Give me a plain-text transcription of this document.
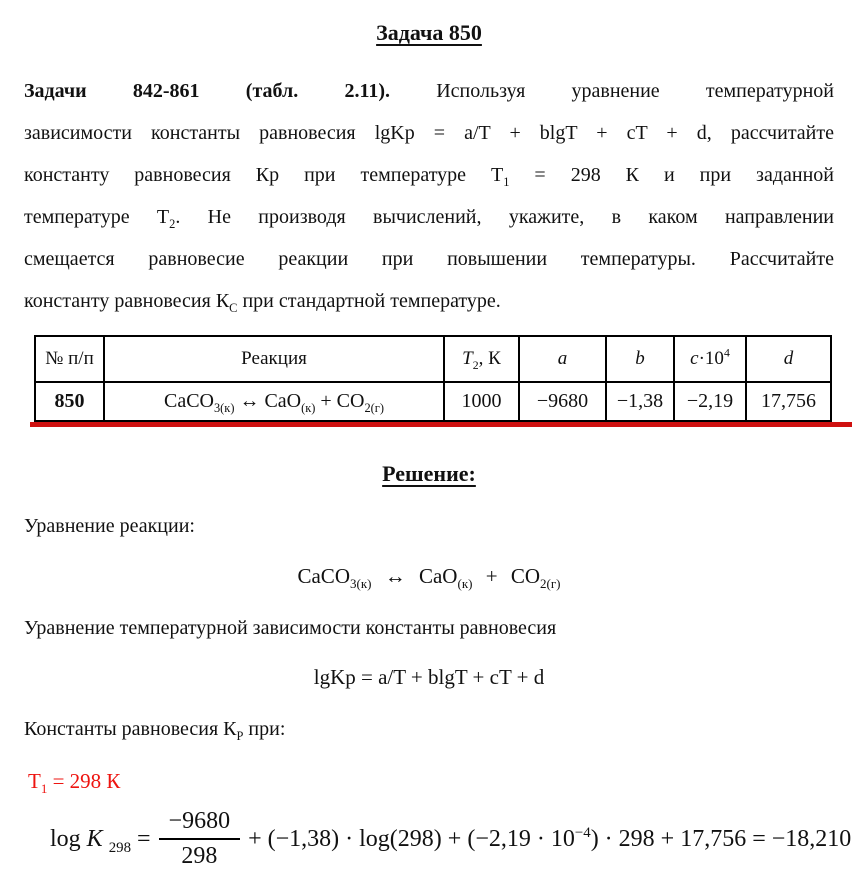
Задача 850
Задачи 842-861 (табл. 2.11). Используя уравнение температурной
зависимости константы равновесия lgKp = a/T + blgT + cT + d, рассчитайте
константу равновесия Кр при температуре $Т_1 = 298$ К и при заданной
температуре $Т_2$. Не производя вычислений, укажите, в каком направлении
смещается равновесие реакции при повышении температуры. Рассчитайте
константу равновесия $К_С$ при стандартной температуре.
№ п/п	Реакция	$T_2$, К	a	b	$c\cdot 10^4$	d
850	CaCO$_{3(к)}$ ↔ $CaO_{(к)} + CO_{2(г)}$	1000	−9680	−1,38	−2,19	17,756
Решение:

Уравнение реакции:

CaCO$_{3(к)}$ ↔ $CaO_{(к)} + CO_{2(г)}$

Уравнение температурной зависимости константы равновесия

lgKp = a/T + blgT + cT + d

Константы равновесия $К_Р$ при:

$Т_1 = 298$ К

log K $_{298} = \frac{-9680}{298} + (-1,38) \cdot \log(298) + (-2,19 \cdot 10^{-4}) \cdot 298 + 17,756 = -18,210$
